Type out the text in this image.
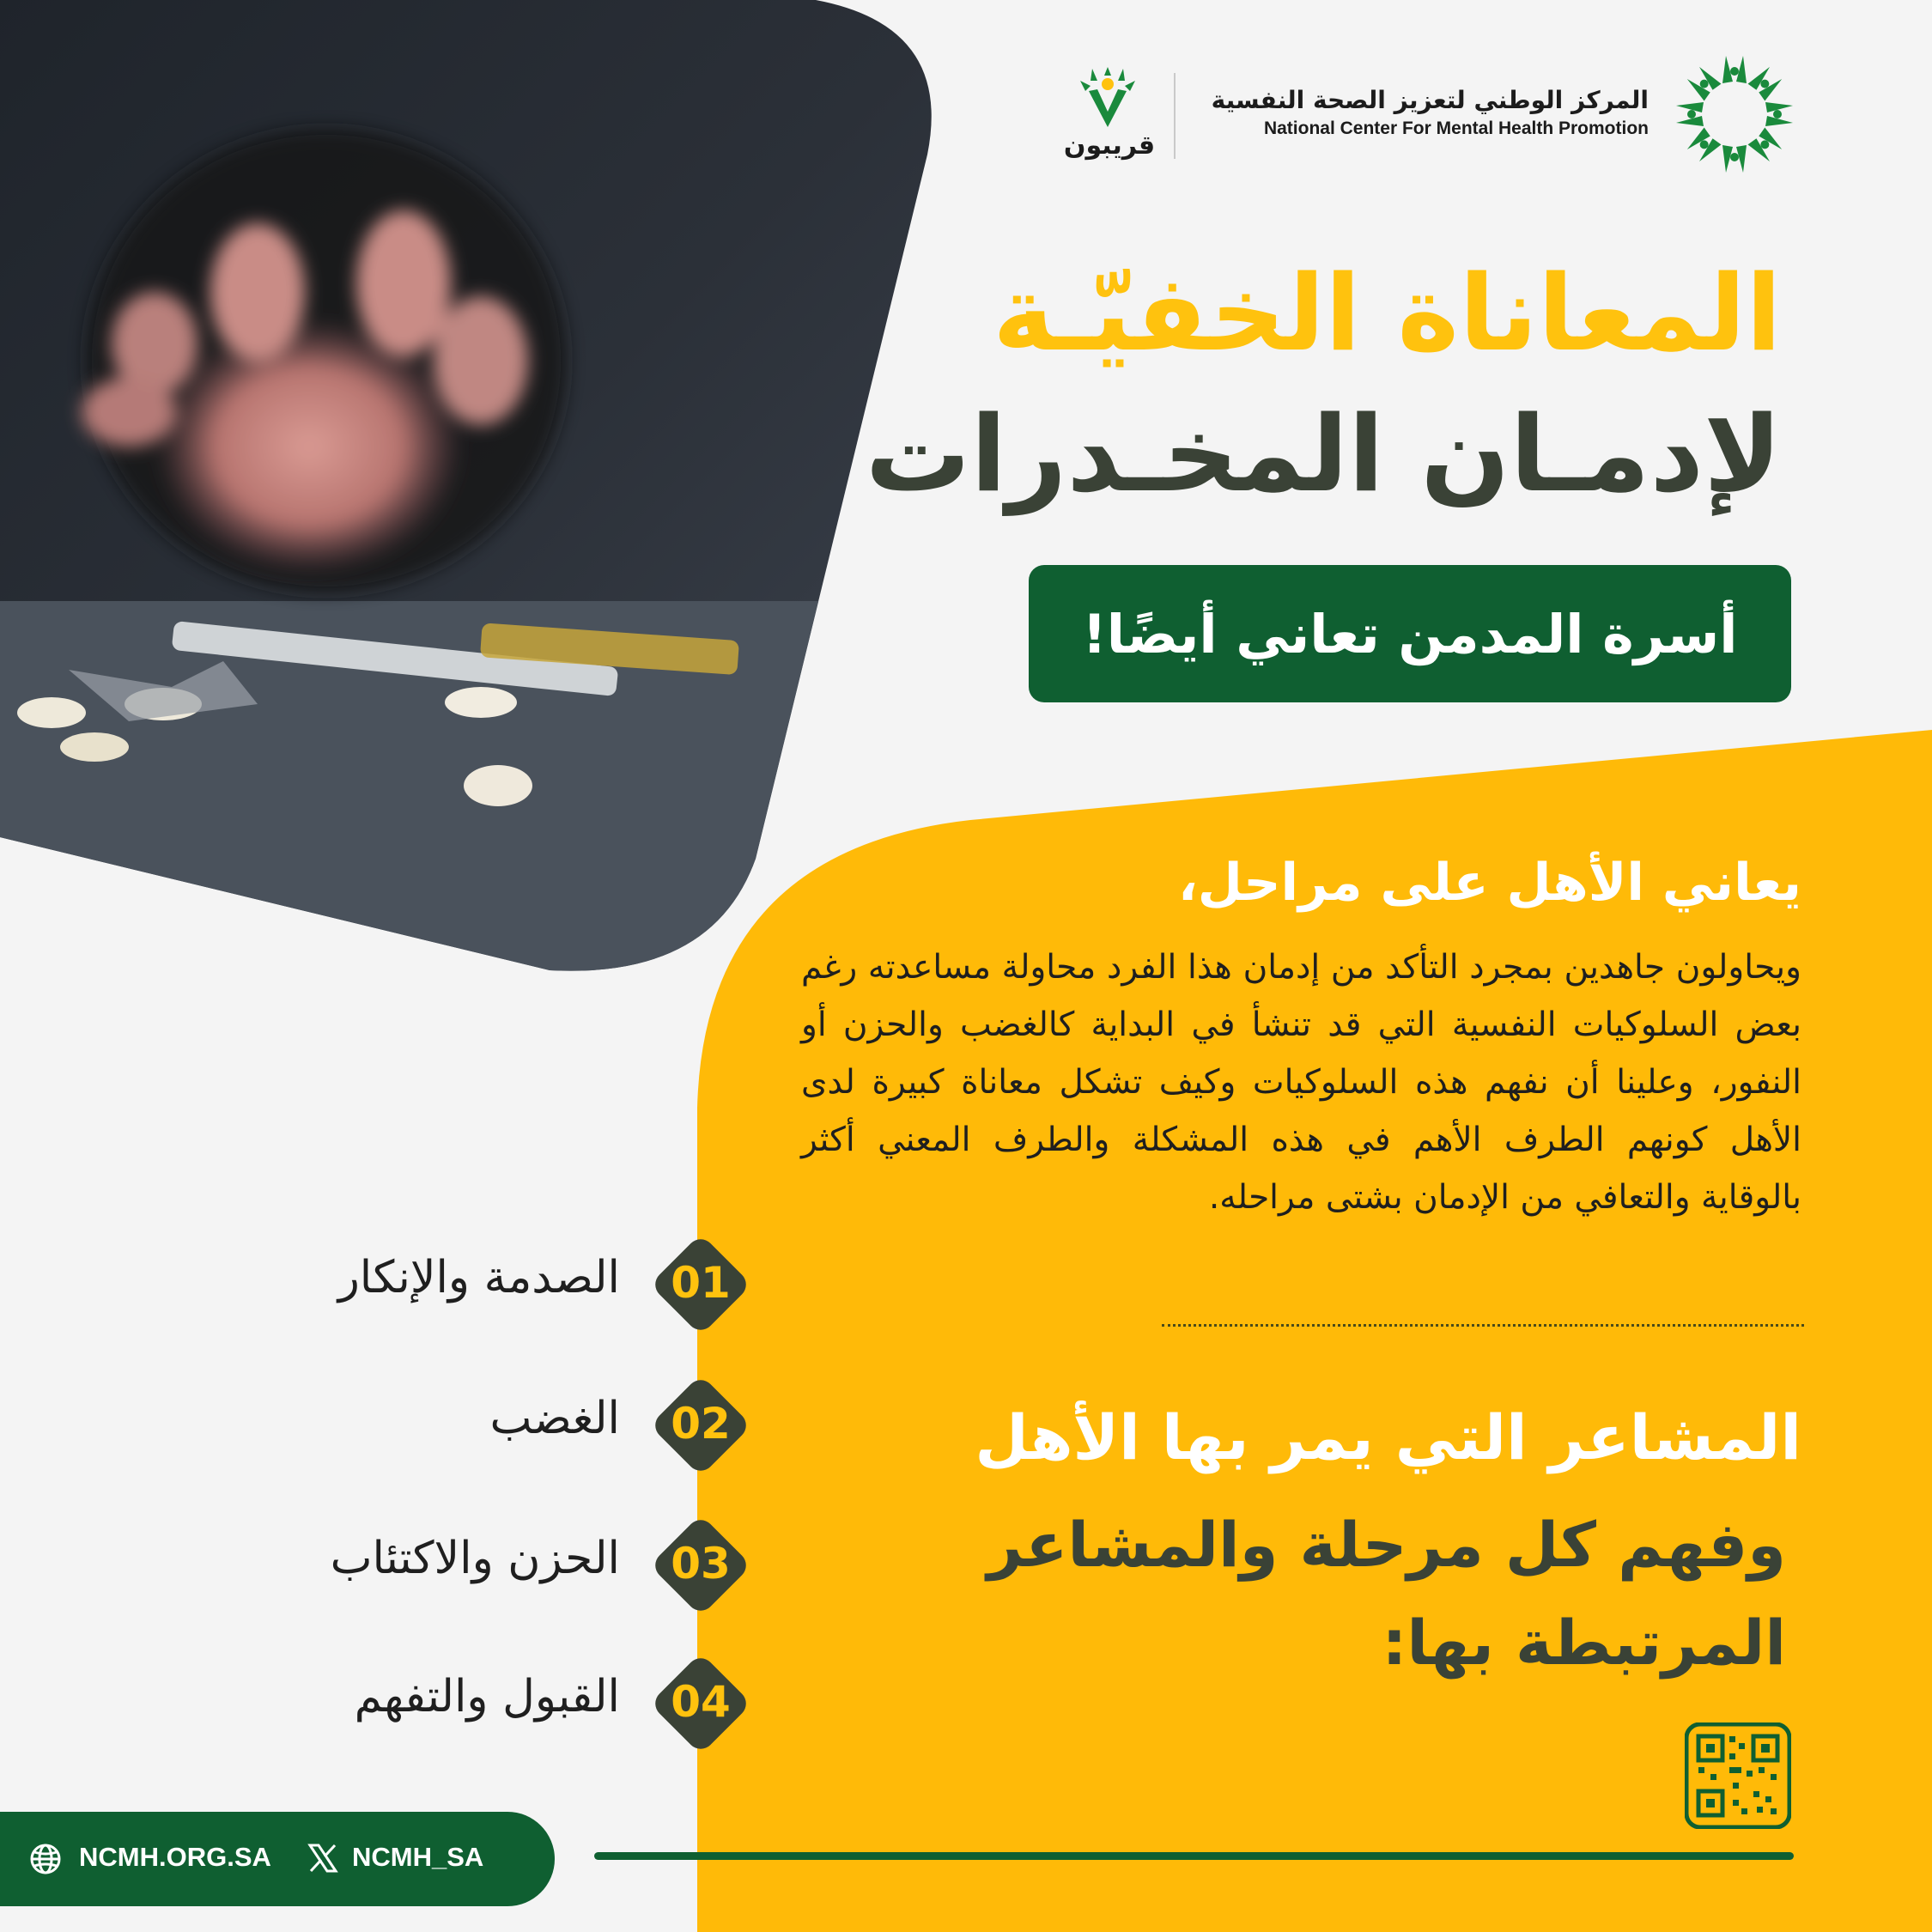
المركز الوطني لتعزيز الصحة النفسية
National Center For Mental Health Promotion
قريبون
المعاناة الخفيّـة
لإدمـان المخـدرات
أسرة المدمن تعاني أيضًا!
يعاني الأهل على مراحل،
ويحاولون جاهدين بمجرد التأكد من إدمان هذا الفرد محاولة مساعدته رغم بعض السلوكيات النفسية التي قد تنشأ في البداية كالغضب والحزن أو النفور، وعلينا أن نفهم هذه السلوكيات وكيف تشكل معاناة كبيرة لدى الأهل كونهم الطرف الأهم في هذه المشكلة والطرف المعني أكثر بالوقاية والتعافي من الإدمان بشتى مراحله.
المشاعر التي يمر بها الأهل
وفهم كل مرحلة والمشاعر
المرتبطة بها:
01
الصدمة والإنكار
02
الغضب
03
الحزن والاكتئاب
04
القبول والتفهم
NCMH.ORG.SA	NCMH_SA
